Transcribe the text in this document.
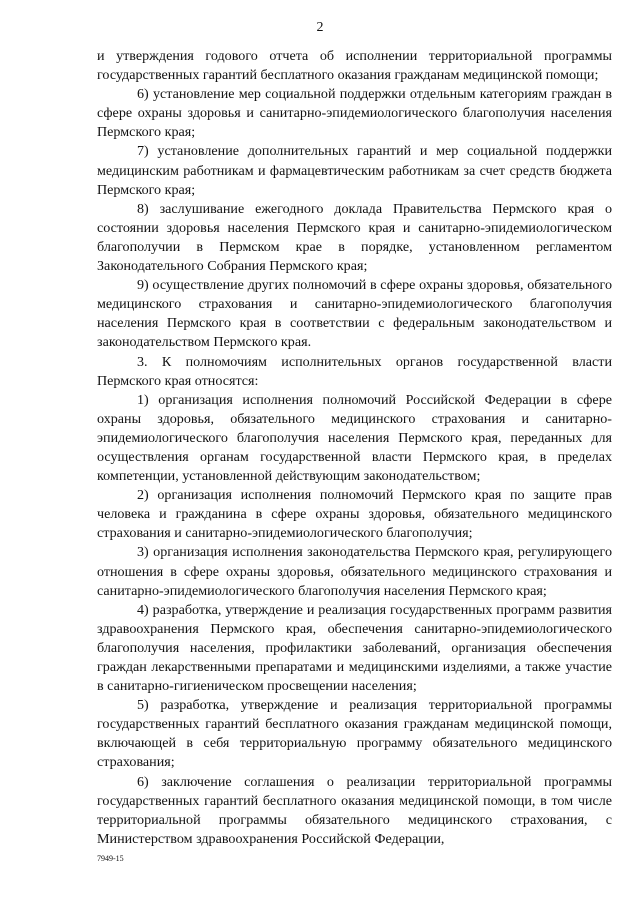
2

и утверждения годового отчета об исполнении территориальной программы государственных гарантий бесплатного оказания гражданам медицинской помощи;

6) установление мер социальной поддержки отдельным категориям граждан в сфере охраны здоровья и санитарно-эпидемиологического благополучия населения Пермского края;

7) установление дополнительных гарантий и мер социальной поддержки медицинским работникам и фармацевтическим работникам за счет средств бюджета Пермского края;

8) заслушивание ежегодного доклада Правительства Пермского края о состоянии здоровья населения Пермского края и санитарно-эпидемиологическом благополучии в Пермском крае в порядке, установленном регламентом Законодательного Собрания Пермского края;

9) осуществление других полномочий в сфере охраны здоровья, обязательного медицинского страхования и санитарно-эпидемиологического благополучия населения Пермского края в соответствии с федеральным законодательством и законодательством Пермского края.

3. К полномочиям исполнительных органов государственной власти Пермского края относятся:

1) организация исполнения полномочий Российской Федерации в сфере охраны здоровья, обязательного медицинского страхования и санитарно-эпидемиологического благополучия населения Пермского края, переданных для осуществления органам государственной власти Пермского края, в пределах компетенции, установленной действующим законодательством;

2) организация исполнения полномочий Пермского края по защите прав человека и гражданина в сфере охраны здоровья, обязательного медицинского страхования и санитарно-эпидемиологического благополучия;

3) организация исполнения законодательства Пермского края, регулирующего отношения в сфере охраны здоровья, обязательного медицинского страхования и санитарно-эпидемиологического благополучия населения Пермского края;

4) разработка, утверждение и реализация государственных программ развития здравоохранения Пермского края, обеспечения санитарно-эпидемиологического благополучия населения, профилактики заболеваний, организация обеспечения граждан лекарственными препаратами и медицинскими изделиями, а также участие в санитарно-гигиеническом просвещении населения;

5) разработка, утверждение и реализация территориальной программы государственных гарантий бесплатного оказания гражданам медицинской помощи, включающей в себя территориальную программу обязательного медицинского страхования;

6) заключение соглашения о реализации территориальной программы государственных гарантий бесплатного оказания медицинской помощи, в том числе территориальной программы обязательного медицинского страхования, с Министерством здравоохранения Российской Федерации,

7949-15
